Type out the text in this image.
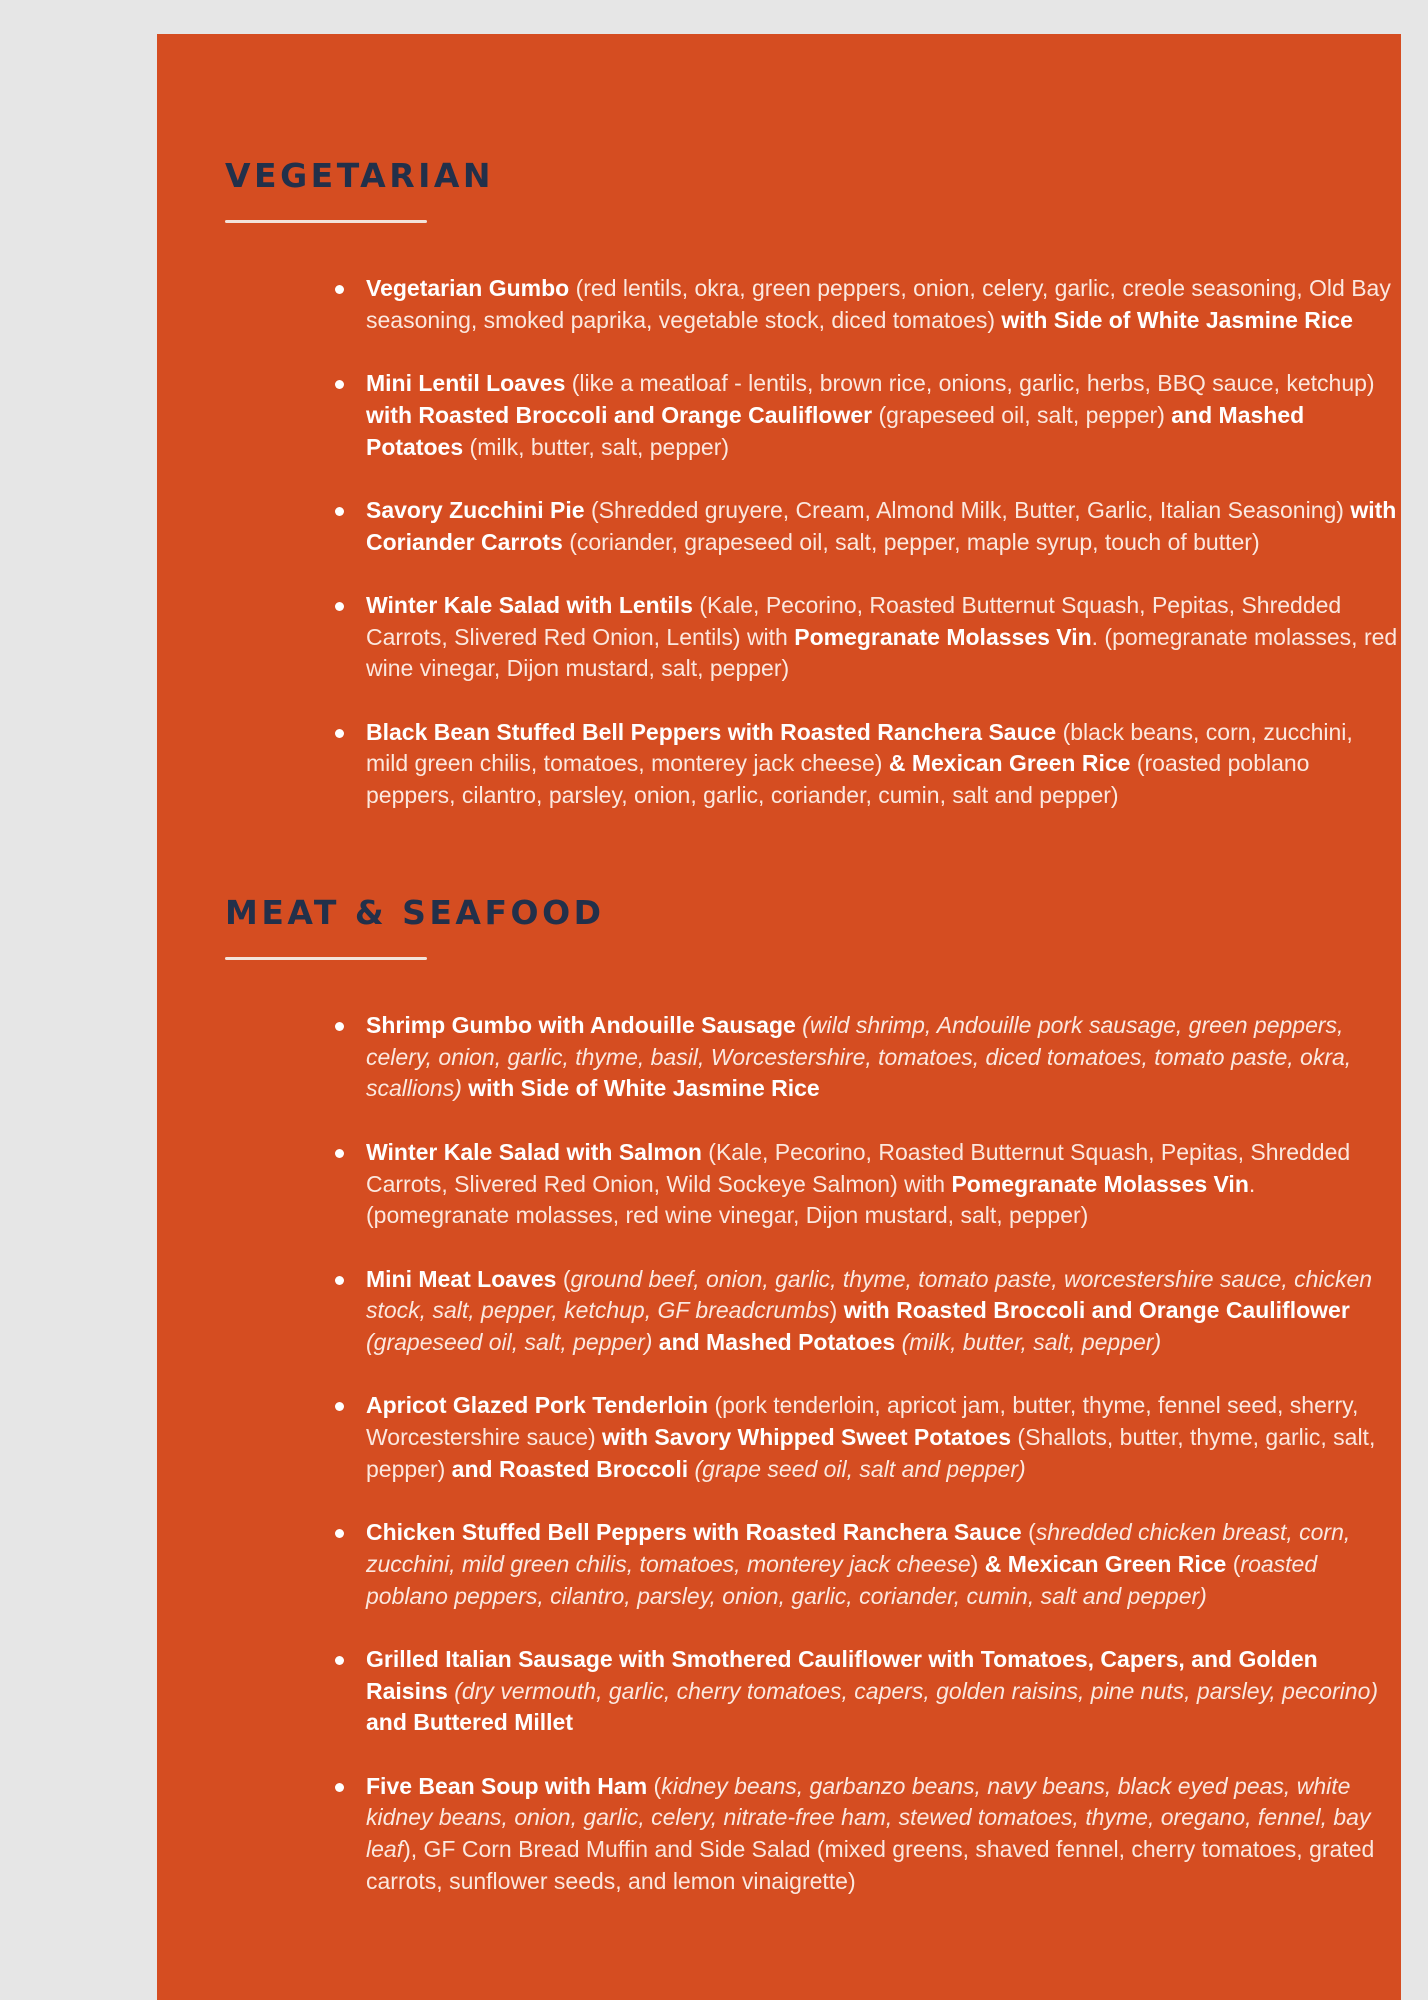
VEGETARIAN
Vegetarian Gumbo (red lentils, okra, green peppers, onion, celery, garlic, creole seasoning, Old Bay seasoning, smoked paprika, vegetable stock, diced tomatoes) with Side of White Jasmine Rice
Mini Lentil Loaves (like a meatloaf - lentils, brown rice, onions, garlic, herbs, BBQ sauce, ketchup) with Roasted Broccoli and Orange Cauliflower (grapeseed oil, salt, pepper) and Mashed Potatoes (milk, butter, salt, pepper)
Savory Zucchini Pie (Shredded gruyere, Cream, Almond Milk, Butter, Garlic, Italian Seasoning) with Coriander Carrots (coriander, grapeseed oil, salt, pepper, maple syrup, touch of butter)
Winter Kale Salad with Lentils (Kale, Pecorino, Roasted Butternut Squash, Pepitas, Shredded Carrots, Slivered Red Onion, Lentils) with Pomegranate Molasses Vin. (pomegranate molasses, red wine vinegar, Dijon mustard, salt, pepper)
Black Bean Stuffed Bell Peppers with Roasted Ranchera Sauce (black beans, corn, zucchini, mild green chilis, tomatoes, monterey jack cheese) & Mexican Green Rice (roasted poblano peppers, cilantro, parsley, onion, garlic, coriander, cumin, salt and pepper)
MEAT & SEAFOOD
Shrimp Gumbo with Andouille Sausage (wild shrimp, Andouille pork sausage, green peppers, celery, onion, garlic, thyme, basil, Worcestershire, tomatoes, diced tomatoes, tomato paste, okra, scallions) with Side of White Jasmine Rice
Winter Kale Salad with Salmon (Kale, Pecorino, Roasted Butternut Squash, Pepitas, Shredded Carrots, Slivered Red Onion, Wild Sockeye Salmon) with Pomegranate Molasses Vin. (pomegranate molasses, red wine vinegar, Dijon mustard, salt, pepper)
Mini Meat Loaves (ground beef, onion, garlic, thyme, tomato paste, worcestershire sauce, chicken stock, salt, pepper, ketchup, GF breadcrumbs) with Roasted Broccoli and Orange Cauliflower (grapeseed oil, salt, pepper) and Mashed Potatoes (milk, butter, salt, pepper)
Apricot Glazed Pork Tenderloin (pork tenderloin, apricot jam, butter, thyme, fennel seed, sherry, Worcestershire sauce) with Savory Whipped Sweet Potatoes (Shallots, butter, thyme, garlic, salt, pepper) and Roasted Broccoli (grape seed oil, salt and pepper)
Chicken Stuffed Bell Peppers with Roasted Ranchera Sauce (shredded chicken breast, corn, zucchini, mild green chilis, tomatoes, monterey jack cheese) & Mexican Green Rice (roasted poblano peppers, cilantro, parsley, onion, garlic, coriander, cumin, salt and pepper)
Grilled Italian Sausage with Smothered Cauliflower with Tomatoes, Capers, and Golden Raisins (dry vermouth, garlic, cherry tomatoes, capers, golden raisins, pine nuts, parsley, pecorino) and Buttered Millet
Five Bean Soup with Ham (kidney beans, garbanzo beans, navy beans, black eyed peas, white kidney beans, onion, garlic, celery, nitrate-free ham, stewed tomatoes, thyme, oregano, fennel, bay leaf), GF Corn Bread Muffin and Side Salad (mixed greens, shaved fennel, cherry tomatoes, grated carrots, sunflower seeds, and lemon vinaigrette)
